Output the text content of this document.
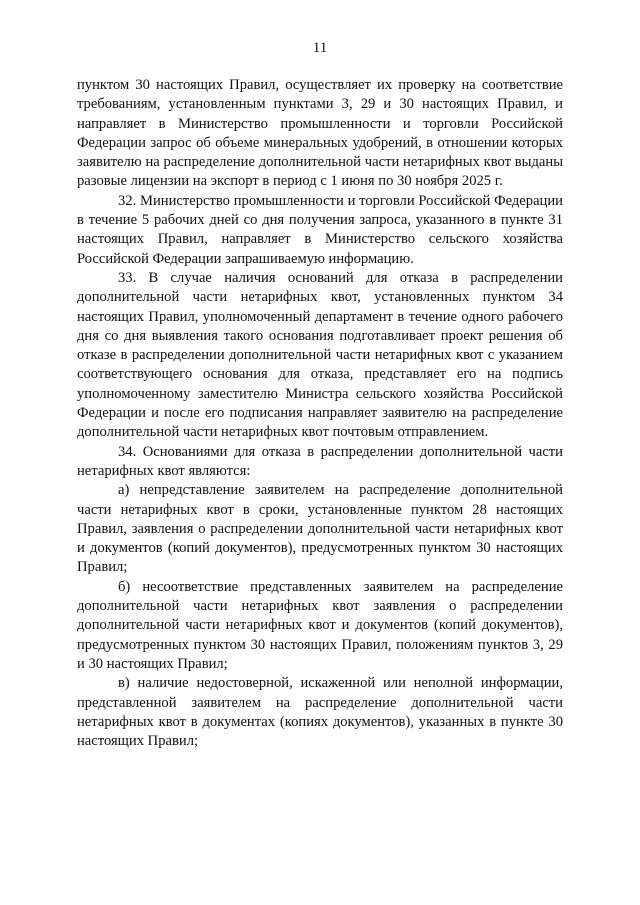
11

пунктом 30 настоящих Правил, осуществляет их проверку на соответствие требованиям, установленным пунктами 3, 29 и 30 настоящих Правил, и направляет в Министерство промышленности и торговли Российской Федерации запрос об объеме минеральных удобрений, в отношении которых заявителю на распределение дополнительной части нетарифных квот выданы разовые лицензии на экспорт в период с 1 июня по 30 ноября 2025 г.

32. Министерство промышленности и торговли Российской Федерации в течение 5 рабочих дней со дня получения запроса, указанного в пункте 31 настоящих Правил, направляет в Министерство сельского хозяйства Российской Федерации запрашиваемую информацию.

33. В случае наличия оснований для отказа в распределении дополнительной части нетарифных квот, установленных пунктом 34 настоящих Правил, уполномоченный департамент в течение одного рабочего дня со дня выявления такого основания подготавливает проект решения об отказе в распределении дополнительной части нетарифных квот с указанием соответствующего основания для отказа, представляет его на подпись уполномоченному заместителю Министра сельского хозяйства Российской Федерации и после его подписания направляет заявителю на распределение дополнительной части нетарифных квот почтовым отправлением.

34. Основаниями для отказа в распределении дополнительной части нетарифных квот являются:

а) непредставление заявителем на распределение дополнительной части нетарифных квот в сроки, установленные пунктом 28 настоящих Правил, заявления о распределении дополнительной части нетарифных квот и документов (копий документов), предусмотренных пунктом 30 настоящих Правил;

б) несоответствие представленных заявителем на распределение дополнительной части нетарифных квот заявления о распределении дополнительной части нетарифных квот и документов (копий документов), предусмотренных пунктом 30 настоящих Правил, положениям пунктов 3, 29 и 30 настоящих Правил;

в) наличие недостоверной, искаженной или неполной информации, представленной заявителем на распределение дополнительной части нетарифных квот в документах (копиях документов), указанных в пункте 30 настоящих Правил;
